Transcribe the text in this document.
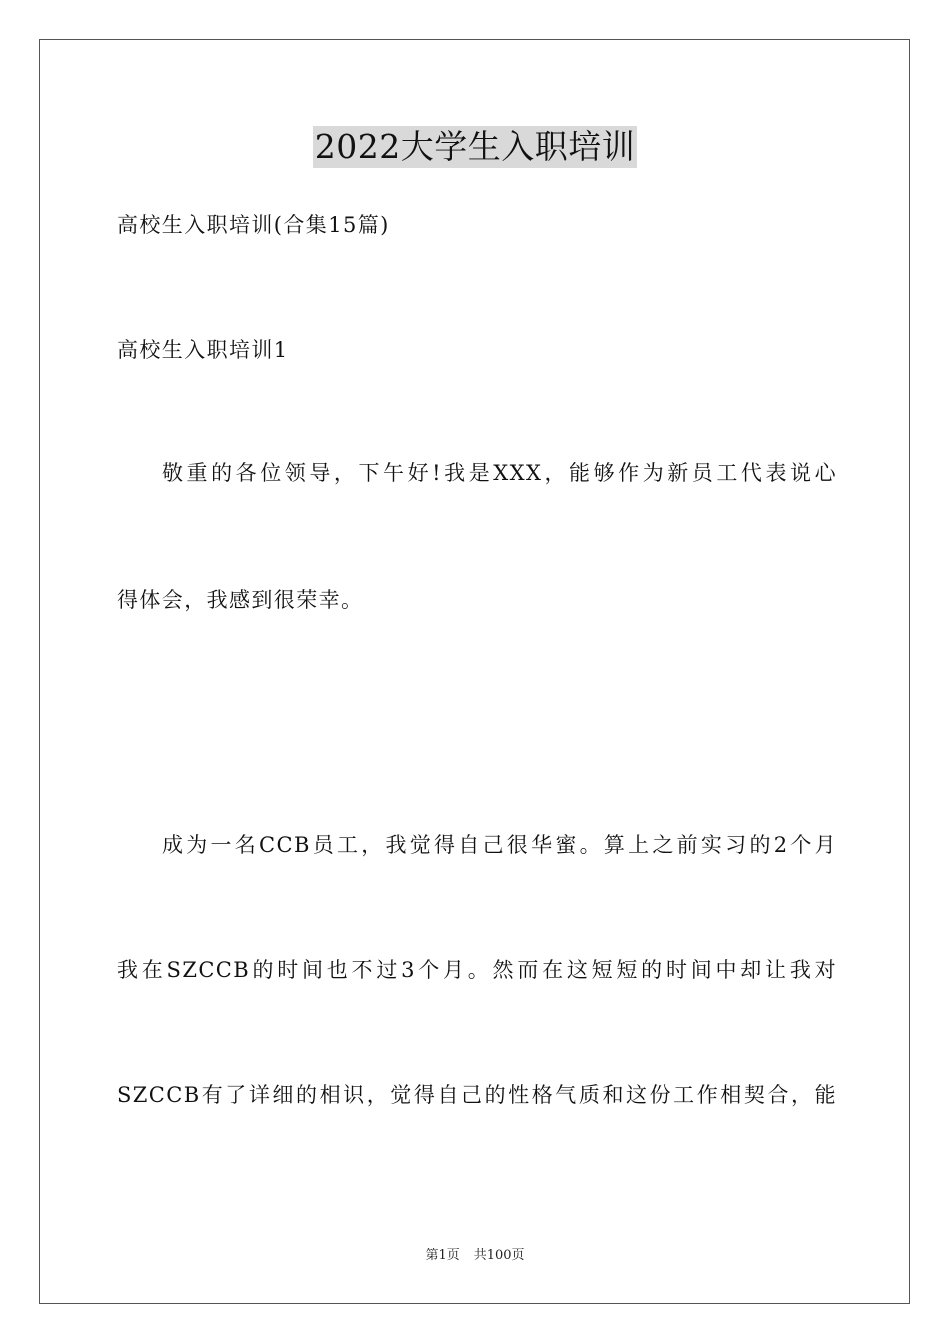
2022大学生入职培训
高校生入职培训(合集15篇)
高校生入职培训1
敬重的各位领导，下午好!我是XXX，能够作为新员工代表说心
得体会，我感到很荣幸。
成为一名CCB员工，我觉得自己很华蜜。算上之前实习的2个月
我在SZCCB的时间也不过3个月。然而在这短短的时间中却让我对
SZCCB有了详细的相识，觉得自己的性格气质和这份工作相契合，能
第1页 共100页
